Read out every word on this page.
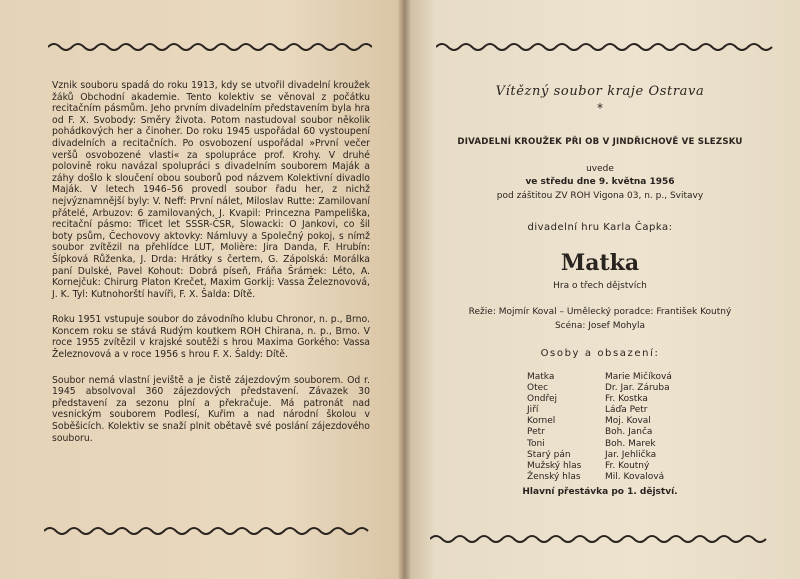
Vznik souboru spadá do roku 1913, kdy se utvořil divadelní kroužek žáků Obchodní akademie. Tento kolektiv se věnoval z počátku recitačním pásmům. Jeho prvním divadelním představením byla hra od F. X. Svobody: Směry života. Potom nastudoval soubor několik pohádkových her a činoher. Do roku 1945 uspořádal 60 vystoupení divadelních a recitačních. Po osvobození uspořádal »První večer veršů osvobozené vlasti« za spolupráce prof. Krohy. V druhé polovině roku navázal spolupráci s divadelním souborem Maják a záhy došlo k sloučení obou souborů pod názvem Kolektivní divadlo Maják. V letech 1946–56 provedl soubor řadu her, z nichž nejvýznamnější byly: V. Neff: První nálet, Miloslav Rutte: Zamilovaní přátelé, Arbuzov: 6 zamilovaných, J. Kvapil: Princezna Pampeliška, recitační pásmo: Třicet let SSSR-ČSR, Slowacki: O Jankovi, co šil boty psům, Čechovovy aktovky: Námluvy a Společný pokoj, s nímž soubor zvítězil na přehlídce LUT, Molière: Jira Danda, F. Hrubín: Šípková Růženka, J. Drda: Hrátky s čertem, G. Zápolská: Morálka paní Dulské, Pavel Kohout: Dobrá píseň, Fráňa Šrámek: Léto, A. Kornejčuk: Chirurg Platon Krečet, Maxim Gorkij: Vassa Železnovová, J. K. Tyl: Kutnohorští havíři, F. X. Šalda: Dítě.

Roku 1951 vstupuje soubor do závodního klubu Chronor, n. p., Brno. Koncem roku se stává Rudým koutkem ROH Chirana, n. p., Brno. V roce 1955 zvítězil v krajské soutěži s hrou Maxima Gorkého: Vassa Železnovová a v roce 1956 s hrou F. X. Šaldy: Dítě.

Soubor nemá vlastní jeviště a je čistě zájezdovým souborem. Od r. 1945 absolvoval 360 zájezdových představení. Závazek 30 představení za sezonu plní a překračuje. Má patronát nad vesnickým souborem Podlesí, Kuřim a nad národní školou v Soběšicích. Kolektiv se snaží plnit obětavě své poslání zájezdového souboru.

Vítězný soubor kraje Ostrava
*
DIVADELNÍ KROUŽEK PŘI OB V JINDŘICHOVĚ VE SLEZSKU
uvede
ve středu dne 9. května 1956
pod záštitou ZV ROH Vigona 03, n. p., Svitavy
divadelní hru Karla Čapka:
Matka
Hra o třech dějstvích
Režie: Mojmír Koval – Umělecký poradce: František Koutný
Scéna: Josef Mohyla
Osoby a obsazení:
Matka	Marie Mičíková
Otec	Dr. Jar. Záruba
Ondřej	Fr. Kostka
Jiří	Láďa Petr
Kornel	Moj. Koval
Petr	Boh. Janča
Toni	Boh. Marek
Starý pán	Jar. Jehlička
Mužský hlas	Fr. Koutný
Ženský hlas	Mil. Kovalová
Hlavní přestávka po 1. dějství.
